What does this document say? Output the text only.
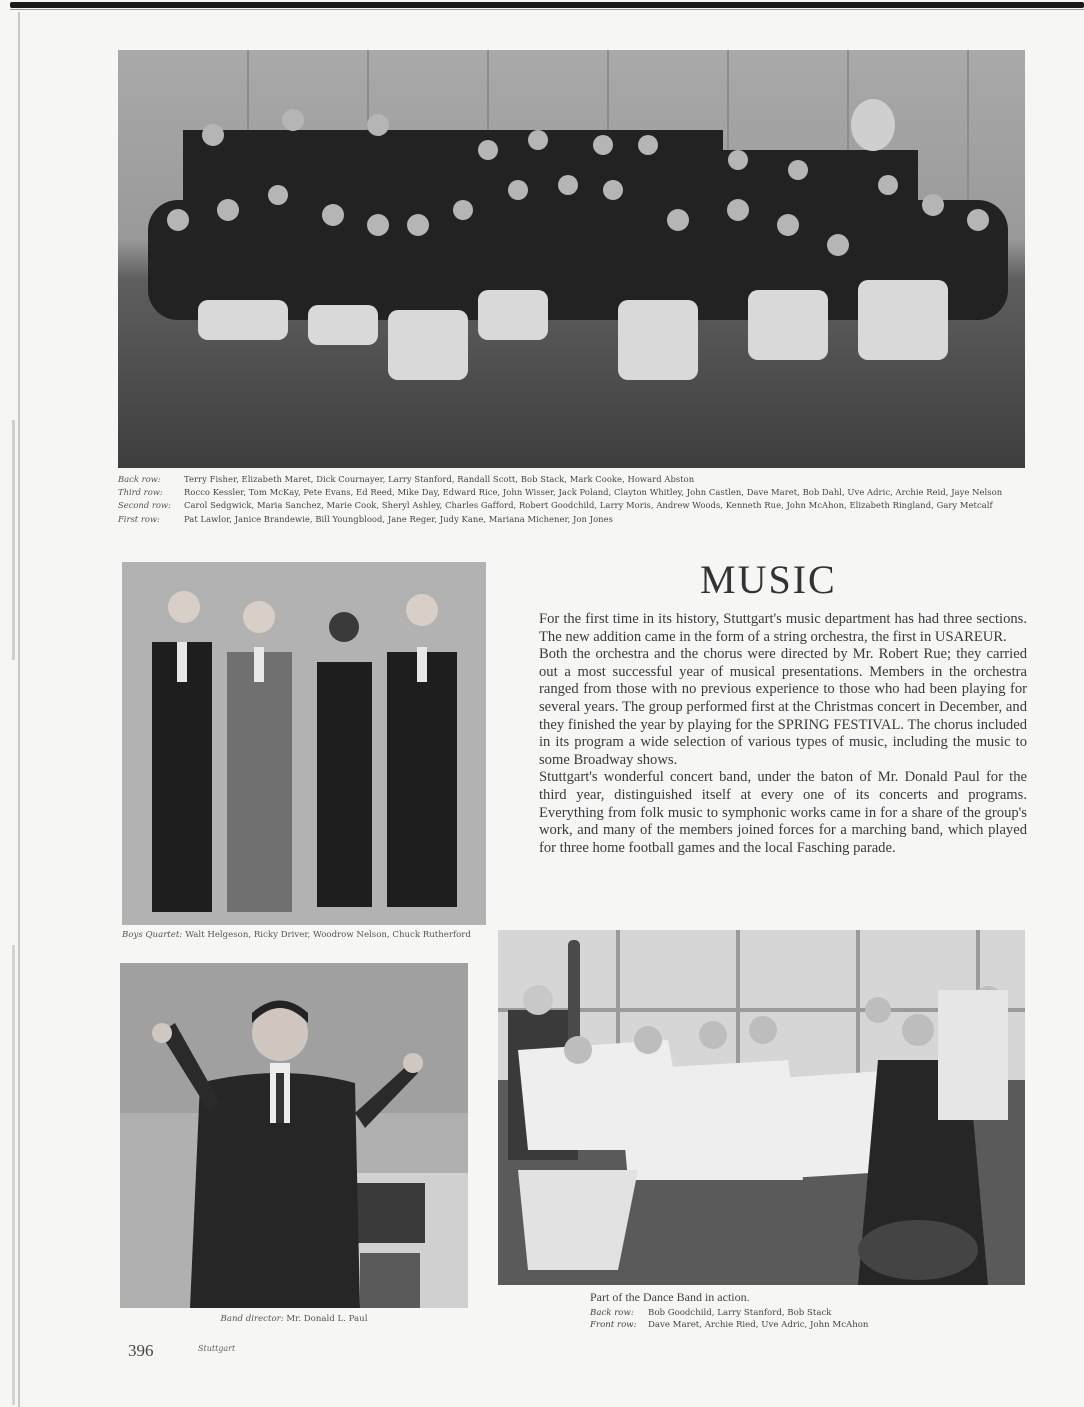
Back row:	Terry Fisher, Elizabeth Maret, Dick Cournayer, Larry Stanford, Randall Scott, Bob Stack, Mark Cooke, Howard Abston
Third row:	Rocco Kessler, Tom McKay, Pete Evans, Ed Reed, Mike Day, Edward Rice, John Wisser, Jack Poland, Clayton Whitley, John Castlen, Dave Maret, Bob Dahl, Uve Adric, Archie Reid, Jaye Nelson
Second row:	Carol Sedgwick, Maria Sanchez, Marie Cook, Sheryl Ashley, Charles Gafford, Robert Goodchild, Larry Moris, Andrew Woods, Kenneth Rue, John McAhon, Elizabeth Ringland, Gary Metcalf
First row:	Pat Lawlor, Janice Brandewie, Bill Youngblood, Jane Reger, Judy Kane, Mariana Michener, Jon Jones
Boys Quartet: Walt Helgeson, Ricky Driver, Woodrow Nelson, Chuck Rutherford
MUSIC

For the first time in its history, Stuttgart's music department has had three sections. The new addition came in the form of a string orchestra, the first in USAREUR.

Both the orchestra and the chorus were directed by Mr. Robert Rue; they carried out a most successful year of musical presentations. Members in the orchestra ranged from those with no previous experience to those who had been playing for several years. The group performed first at the Christmas concert in December, and they finished the year by playing for the SPRING FESTIVAL. The chorus included in its program a wide selection of various types of music, including the music to some Broadway shows.

Stuttgart's wonderful concert band, under the baton of Mr. Donald Paul for the third year, distinguished itself at every one of its concerts and programs. Everything from folk music to symphonic works came in for a share of the group's work, and many of the members joined forces for a marching band, which played for three home football games and the local Fasching parade.

Band director: Mr. Donald L. Paul
Part of the Dance Band in action.
Back row:	Bob Goodchild, Larry Stanford, Bob Stack
Front row:	Dave Maret, Archie Ried, Uve Adric, John McAhon
396	Stuttgart
